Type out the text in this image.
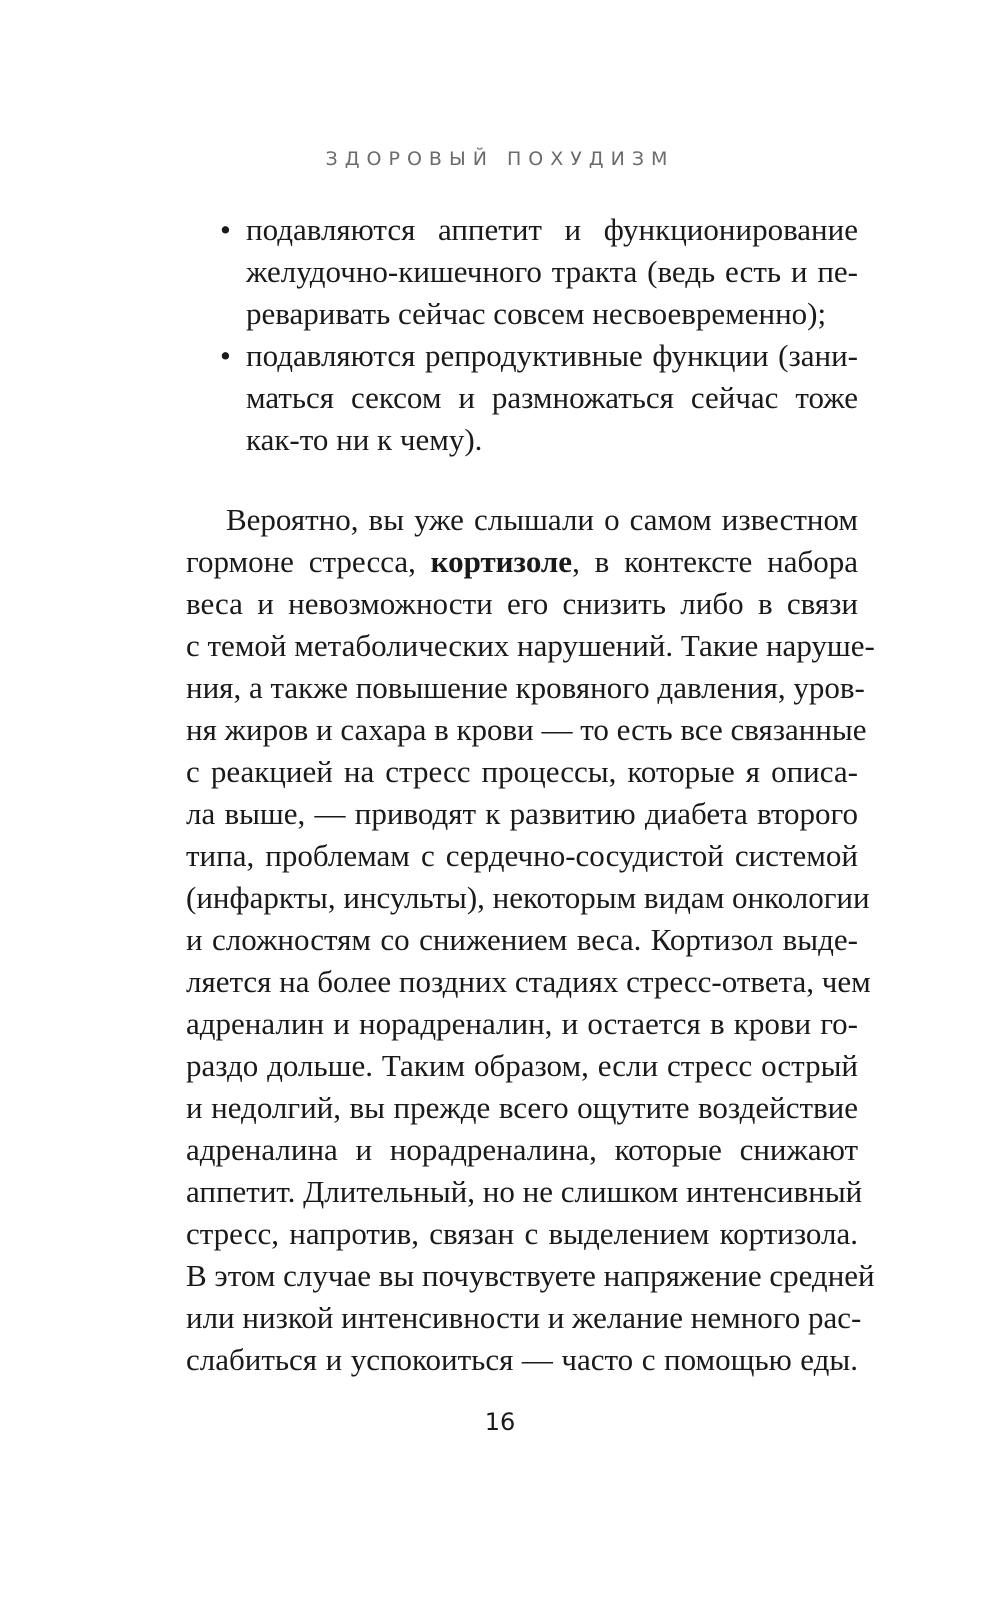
ЗДОРОВЫЙ ПОХУДИЗМ
• подавляются аппетит и функционирование
желудочно-кишечного тракта (ведь есть и пе-
реваривать сейчас совсем несвоевременно);
• подавляются репродуктивные функции (зани-
маться сексом и размножаться сейчас тоже
как-то ни к чему).
Вероятно, вы уже слышали о самом известном
гормоне стресса, кортизоле, в контексте набора
веса и невозможности его снизить либо в связи
с темой метаболических нарушений. Такие наруше-
ния, а также повышение кровяного давления, уров-
ня жиров и сахара в крови — то есть все связанные
с реакцией на стресс процессы, которые я описа-
ла выше, — приводят к развитию диабета второго
типа, проблемам с сердечно-сосудистой системой
(инфаркты, инсульты), некоторым видам онкологии
и сложностям со снижением веса. Кортизол выде-
ляется на более поздних стадиях стресс-ответа, чем
адреналин и норадреналин, и остается в крови го-
раздо дольше. Таким образом, если стресс острый
и недолгий, вы прежде всего ощутите воздействие
адреналина и норадреналина, которые снижают
аппетит. Длительный, но не слишком интенсивный
стресс, напротив, связан с выделением кортизола.
В этом случае вы почувствуете напряжение средней
или низкой интенсивности и желание немного рас-
слабиться и успокоиться — часто с помощью еды.
16
